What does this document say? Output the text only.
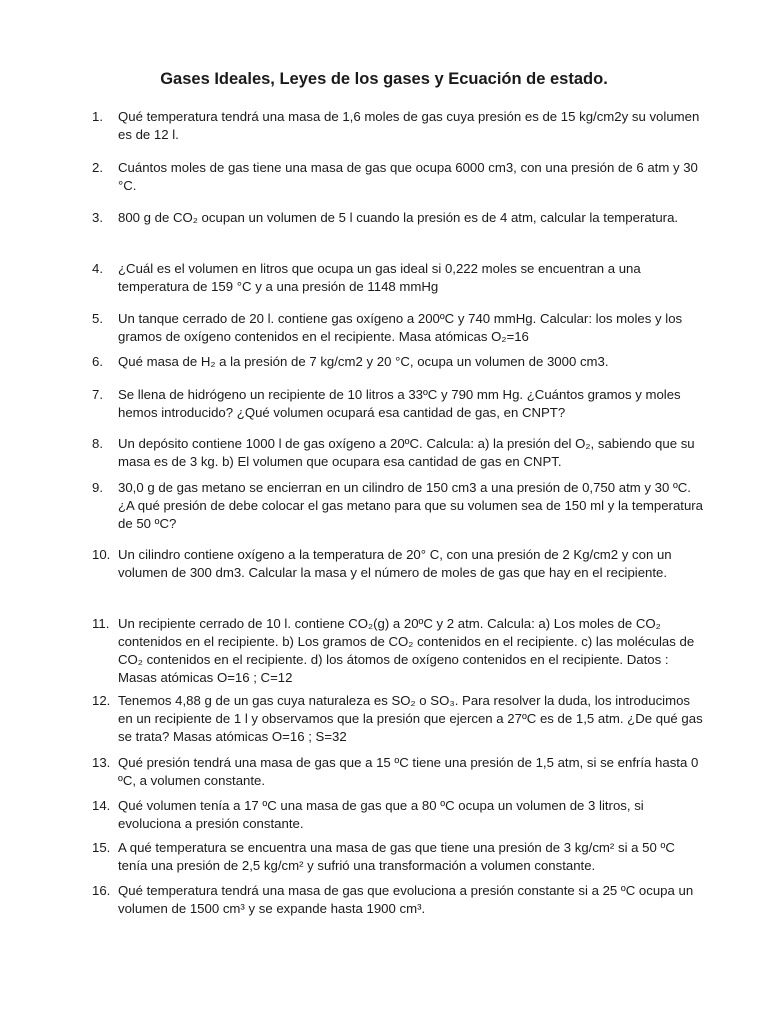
Gases Ideales, Leyes de los gases y Ecuación de estado.
1.	Qué temperatura tendrá una masa de 1,6 moles de gas cuya presión es de 15 kg/cm2y su volumen es de 12 l.
2.	Cuántos moles de gas tiene una masa de gas que ocupa 6000 cm3, con una presión de 6 atm y 30 °C.
3.	800 g de CO₂ ocupan un volumen de 5 l cuando la presión es de 4 atm, calcular la temperatura.
4.	¿Cuál es el volumen en litros que ocupa un gas ideal si 0,222 moles se encuentran a una temperatura de 159 °C y a una presión de 1148 mmHg
5.	Un tanque cerrado de 20 l. contiene gas oxígeno a 200ºC y 740 mmHg. Calcular: los moles y los gramos de oxígeno contenidos en el recipiente. Masa atómicas O₂=16
6.	Qué masa de H₂ a la presión de 7 kg/cm2 y 20 °C, ocupa un volumen de 3000 cm3.
7.	Se llena de hidrógeno un recipiente de 10 litros a 33ºC y 790 mm Hg. ¿Cuántos gramos y moles hemos introducido? ¿Qué volumen ocupará esa cantidad de gas, en CNPT?
8.	Un depósito contiene 1000 l de gas oxígeno a 20ºC. Calcula: a) la presión del O₂, sabiendo que su masa es de 3 kg. b) El volumen que ocupara esa cantidad de gas en CNPT.
9.	30,0 g de gas metano se encierran en un cilindro de 150 cm3 a una presión de 0,750 atm y 30 ºC. ¿A qué presión de debe colocar el gas metano para que su volumen sea de 150 ml y la temperatura de 50 ºC?
10. Un cilindro contiene oxígeno a la temperatura de 20° C, con una presión de 2 Kg/cm2 y con un volumen de 300 dm3. Calcular la masa y el número de moles de gas que hay en el recipiente.
11. Un recipiente cerrado de 10 l. contiene CO₂(g) a 20ºC y 2 atm. Calcula: a) Los moles de CO₂ contenidos en el recipiente. b) Los gramos de CO₂ contenidos en el recipiente. c) las moléculas de CO₂ contenidos en el recipiente. d) los átomos de oxígeno contenidos en el recipiente. Datos : Masas atómicas O=16 ; C=12
12. Tenemos 4,88 g de un gas cuya naturaleza es SO₂ o SO₃. Para resolver la duda, los introducimos en un recipiente de 1 l y observamos que la presión que ejercen a 27ºC es de 1,5 atm. ¿De qué gas se trata? Masas atómicas O=16 ; S=32
13. Qué presión tendrá una masa de gas que a 15 ºC tiene una presión de 1,5 atm, si se enfría hasta 0 ºC, a volumen constante.
14. Qué volumen tenía a 17 ºC una masa de gas que a 80 ºC ocupa un volumen de 3 litros, si evoluciona a presión constante.
15. A qué temperatura se encuentra una masa de gas que tiene una presión de 3 kg/cm² si a 50 ºC tenía una presión de 2,5 kg/cm² y sufrió una transformación a volumen constante.
16. Qué temperatura tendrá una masa de gas que evoluciona a presión constante si a 25 ºC ocupa un volumen de 1500 cm³ y se expande hasta 1900 cm³.
